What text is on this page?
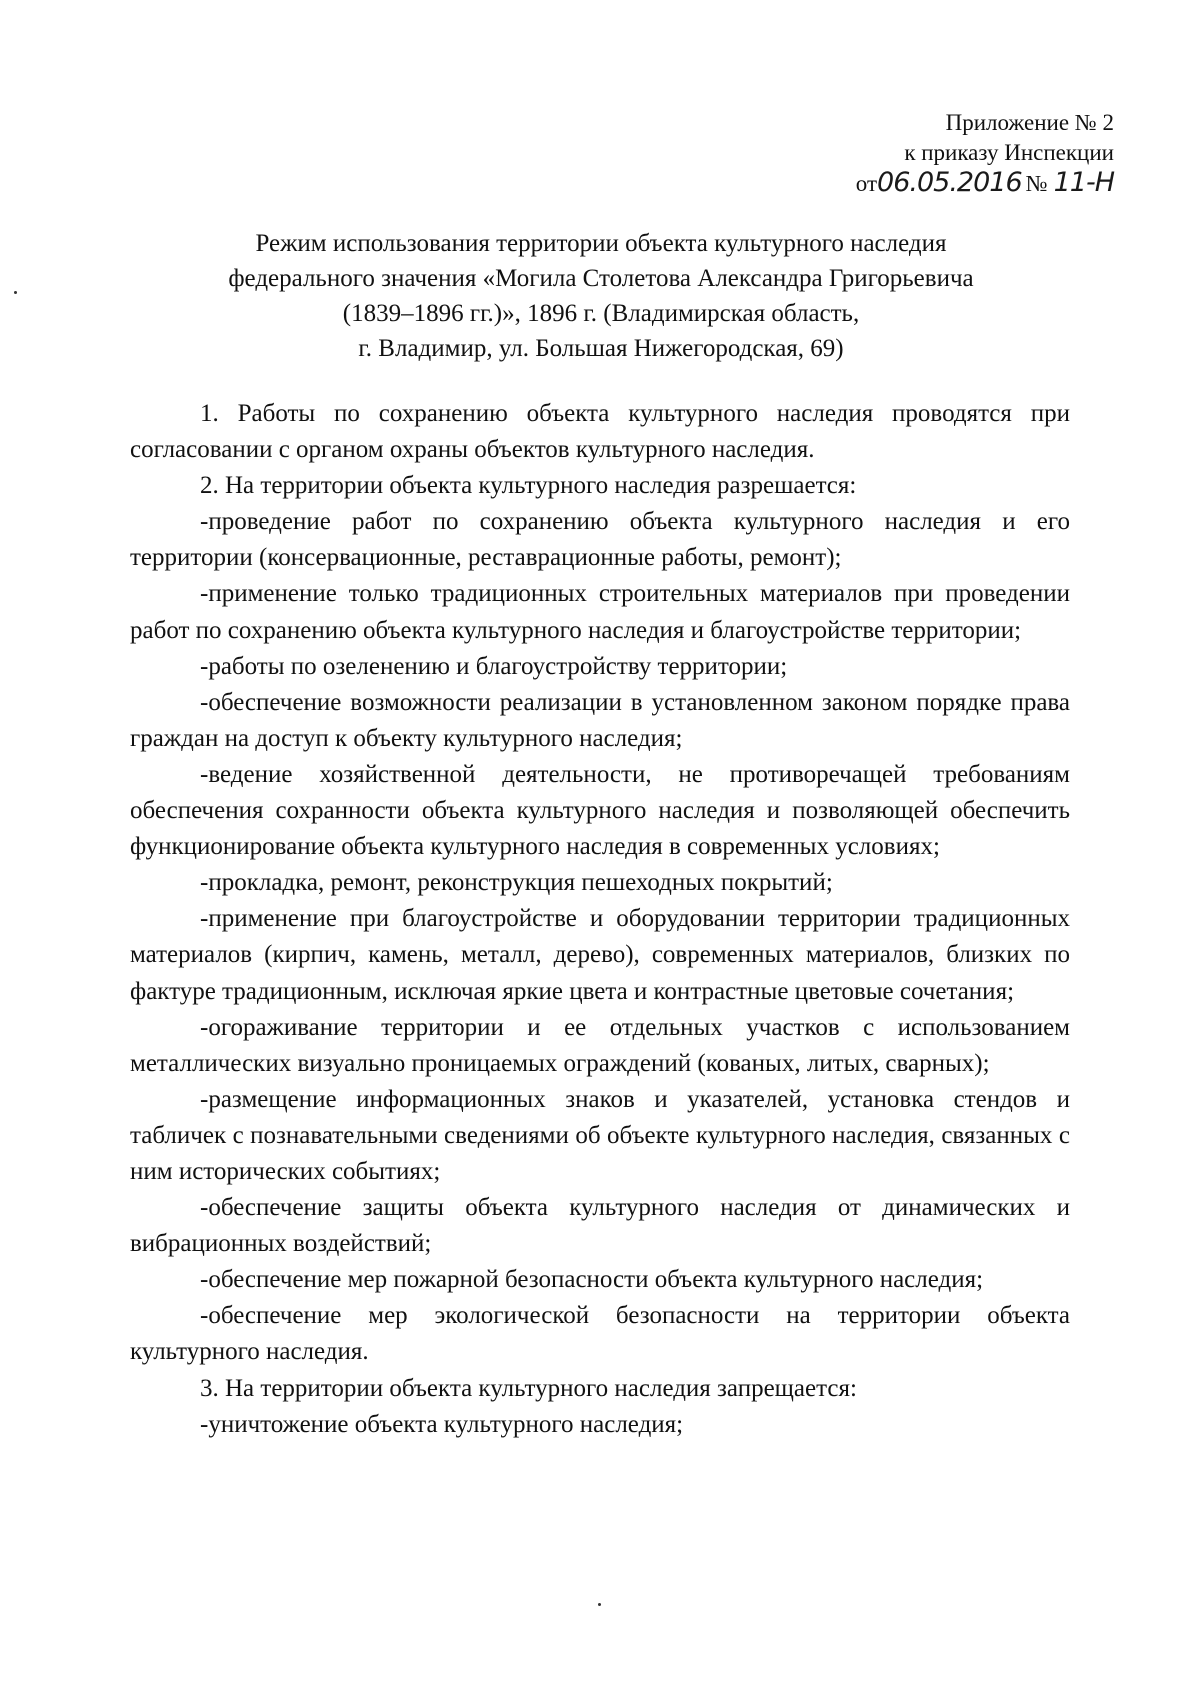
Приложение № 2
к приказу Инспекции
от 06.05.2016 № 11-Н
Режим использования территории объекта культурного наследия
федерального значения «Могила Столетова Александра Григорьевича
(1839–1896 гг.)», 1896 г. (Владимирская область,
г. Владимир, ул. Большая Нижегородская, 69)

1. Работы по сохранению объекта культурного наследия проводятся при согласовании с органом охраны объектов культурного наследия.

2. На территории объекта культурного наследия разрешается:

-проведение работ по сохранению объекта культурного наследия и его территории (консервационные, реставрационные работы, ремонт);

-применение только традиционных строительных материалов при проведении работ по сохранению объекта культурного наследия и благоустройстве территории;

-работы по озеленению и благоустройству территории;

-обеспечение возможности реализации в установленном законом порядке права граждан на доступ к объекту культурного наследия;

-ведение хозяйственной деятельности, не противоречащей требованиям обеспечения сохранности объекта культурного наследия и позволяющей обеспечить функционирование объекта культурного наследия в современных условиях;

-прокладка, ремонт, реконструкция пешеходных покрытий;

-применение при благоустройстве и оборудовании территории традиционных материалов (кирпич, камень, металл, дерево), современных материалов, близких по фактуре традиционным, исключая яркие цвета и контрастные цветовые сочетания;

-огораживание территории и ее отдельных участков с использованием металлических визуально проницаемых ограждений (кованых, литых, сварных);

-размещение информационных знаков и указателей, установка стендов и табличек с познавательными сведениями об объекте культурного наследия, связанных с ним исторических событиях;

-обеспечение защиты объекта культурного наследия от динамических и вибрационных воздействий;

-обеспечение мер пожарной безопасности объекта культурного наследия;

-обеспечение мер экологической безопасности на территории объекта культурного наследия.

3. На территории объекта культурного наследия запрещается:

-уничтожение объекта культурного наследия;
